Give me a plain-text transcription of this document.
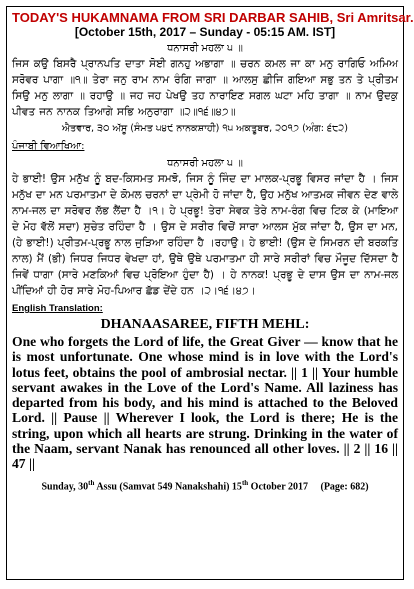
TODAY'S HUKAMNAMA FROM SRI DARBAR SAHIB, Sri Amritsar.
[October 15th, 2017 – Sunday - 05:15 AM. IST]
ਧਨਾਸਰੀ ਮਹਲਾ ੫ ॥
ਜਿਸ ਕਉ ਬਿਸਰੈ ਪ੍ਰਾਨਪਤਿ ਦਾਤਾ ਸੋਈ ਗਨਹੁ ਅਭਾਗਾ ॥ ਚਰਨ ਕਮਲ ਜਾ ਕਾ ਮਨੁ ਰਾਗਿਓ ਅਮਿਅ ਸਰੋਵਰ ਪਾਗਾ ॥੧॥ ਤੇਰਾ ਜਨੁ ਰਾਮ ਨਾਮ ਰੰਗਿ ਜਾਗਾ ॥ ਆਲਸੁ ਛੀਜਿ ਗਇਆ ਸਭੁ ਤਨ ਤੇ ਪ੍ਰੀਤਮ ਸਿਉ ਮਨੁ ਲਾਗਾ ॥ ਰਹਾਉ ॥ ਜਹ ਜਹ ਪੇਖਉ ਤਹ ਨਾਰਾਇਣ ਸਗਲ ਘਟਾ ਮਹਿ ਤਾਗਾ ॥ ਨਾਮ ਉਦਕੁ ਪੀਵਤ ਜਨ ਨਾਨਕ ਤਿਆਗੇ ਸਭਿ ਅਨੁਰਾਗਾ ॥੨॥੧੬॥੪੭॥
ਐਤਵਾਰ, ੩੦ ਅੱਸੂ (ਸੰਮਤ ੫੪੯ ਨਾਨਕਸ਼ਾਹੀ) ੧੫ ਅਕਤੂਬਰ, ੨੦੧੭ (ਅੰਗ: ੬੮੨)
ਪੰਜਾਬੀ ਵਿਆਖਿਆ:
ਧਨਾਸਰੀ ਮਹਲਾ ੫ ॥
ਹੇ ਭਾਈ! ਉਸ ਮਨੁੱਖ ਨੂੰ ਬਦ-ਕਿਸਮਤ ਸਮਝੋ, ਜਿਸ ਨੂੰ ਜਿੰਦ ਦਾ ਮਾਲਕ-ਪ੍ਰਭੂ ਵਿਸਰ ਜਾਂਦਾ ਹੈ । ਜਿਸ ਮਨੁੱਖ ਦਾ ਮਨ ਪਰਮਾਤਮਾ ਦੇ ਕੋਮਲ ਚਰਨਾਂ ਦਾ ਪ੍ਰੇਮੀ ਹੋ ਜਾਂਦਾ ਹੈ, ਉਹ ਮਨੁੱਖ ਆਤਮਕ ਜੀਵਨ ਦੇਣ ਵਾਲੇ ਨਾਮ-ਜਲ ਦਾ ਸਰੋਵਰ ਲੱਭ ਲੈਂਦਾ ਹੈ ।੧। ਹੇ ਪ੍ਰਭੂ! ਤੇਰਾ ਸੇਵਕ ਤੇਰੇ ਨਾਮ-ਰੰਗ ਵਿਚ ਟਿਕ ਕੇ (ਮਾਇਆ ਦੇ ਮੋਹ ਵੱਲੋਂ ਸਦਾ) ਸੁਚੇਤ ਰਹਿੰਦਾ ਹੈ । ਉਸ ਦੇ ਸਰੀਰ ਵਿਚੋਂ ਸਾਰਾ ਆਲਸ ਮੁੱਕ ਜਾਂਦਾ ਹੈ, ਉਸ ਦਾ ਮਨ, (ਹੇ ਭਾਈ!) ਪ੍ਰੀਤਮ-ਪ੍ਰਭੂ ਨਾਲ ਜੁੜਿਆ ਰਹਿੰਦਾ ਹੈ ।ਰਹਾਉ। ਹੇ ਭਾਈ! (ਉਸ ਦੇ ਸਿਮਰਨ ਦੀ ਬਰਕਤਿ ਨਾਲ) ਮੈਂ (ਭੀ) ਜਿਧਰ ਜਿਧਰ ਵੇਖਦਾ ਹਾਂ, ਉਥੇ ਉਥੇ ਪਰਮਾਤਮਾ ਹੀ ਸਾਰੇ ਸਰੀਰਾਂ ਵਿਚ ਮੌਜੂਦ ਦਿੱਸਦਾ ਹੈ ਜਿਵੇਂ ਧਾਗਾ (ਸਾਰੇ ਮਣਕਿਆਂ ਵਿਚ ਪ੍ਰੋਇਆ ਹੁੰਦਾ ਹੈ) । ਹੇ ਨਾਨਕ! ਪ੍ਰਭੂ ਦੇ ਦਾਸ ਉਸ ਦਾ ਨਾਮ-ਜਲ ਪੀਂਦਿਆਂ ਹੀ ਹੋਰ ਸਾਰੇ ਮੋਹ-ਪਿਆਰ ਛੱਡ ਦੇਂਦੇ ਹਨ ।੨।੧੬।੪੭।
English Translation:
DHANAASAREE, FIFTH MEHL:
One who forgets the Lord of life, the Great Giver — know that he is most unfortunate. One whose mind is in love with the Lord's lotus feet, obtains the pool of ambrosial nectar. || 1 || Your humble servant awakes in the Love of the Lord's Name. All laziness has departed from his body, and his mind is attached to the Beloved Lord. || Pause || Wherever I look, the Lord is there; He is the string, upon which all hearts are strung. Drinking in the water of the Naam, servant Nanak has renounced all other loves. || 2 || 16 || 47 ||
Sunday, 30th Assu (Samvat 549 Nanakshahi) 15th October 2017 (Page: 682)
